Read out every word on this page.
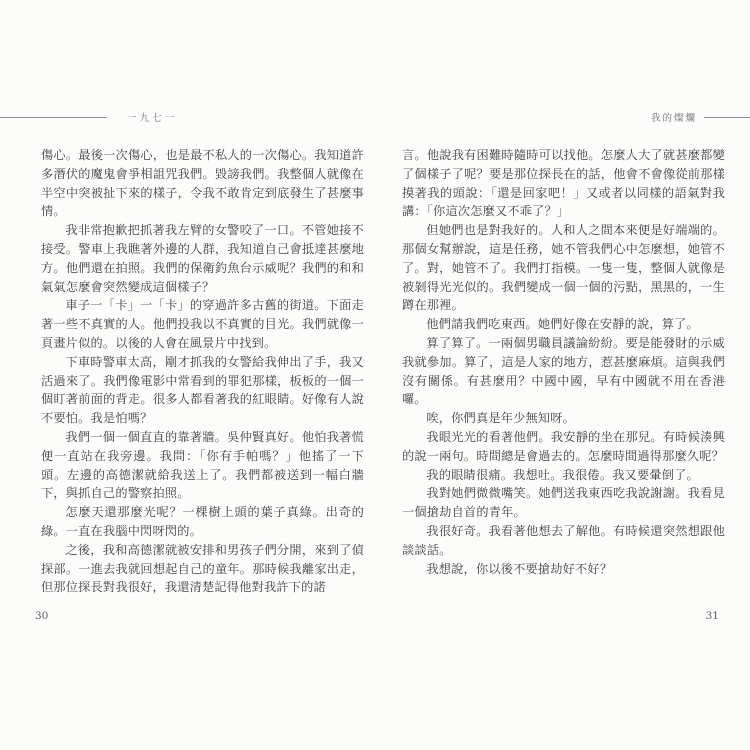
一九七一	我的燦爛

傷心。最後一次傷心，也是最不私人的一次傷心。我知道許多潛伏的魔鬼會爭相詛咒我們。毀謗我們。我整個人就像在半空中突被扯下來的樣子，令我不敢肯定到底發生了甚麼事情。

我非常抱歉把抓著我左臂的女警咬了一口。不管她接不接受。警車上我瞧著外邊的人群，我知道自己會抵達甚麼地方。他們還在拍照。我們的保衛釣魚台示威呢？我們的和和氣氣怎麼會突然變成這個樣子？

車子一「卡」一「卡」的穿過許多古舊的街道。下面走著一些不真實的人。他們投我以不真實的目光。我們就像一頁畫片似的。以後的人會在風景片中找到。

下車時警車太高，剛才抓我的女警給我伸出了手，我又活過來了。我們像電影中常看到的罪犯那樣，板板的一個一個盯著前面的背走。很多人都看著我的紅眼睛。好像有人說不要怕。我是怕嗎？

我們一個一個直直的靠著牆。吳仲賢真好。他怕我著慌便一直站在我旁邊。我問：「你有手帕嗎？」他搖了一下頭。左邊的高德潔就給我送上了。我們都被送到一幅白牆下，與抓自己的警察拍照。

怎麼天還那麼光呢？一棵樹上頭的葉子真綠。出奇的綠。一直在我腦中閃呀閃的。

之後，我和高德潔就被安排和男孩子們分開，來到了偵探部。一進去我就回想起自己的童年。那時候我離家出走，但那位探長對我很好，我還清楚記得他對我許下的諾

言。他說我有困難時隨時可以找他。怎麼人大了就甚麼都變了個樣子了呢？要是那位探長在的話，他會不會像從前那樣摸著我的頭說：「還是回家吧！」又或者以同樣的語氣對我講：「你這次怎麼又不乖了？」

但她們也是對我好的。人和人之間本來便是好端端的。那個女幫辦說，這是任務，她不管我們心中怎麼想，她管不了。對，她管不了。我們打指模。一隻一隻，整個人就像是被剝得光光似的。我們變成一個一個的污點，黑黑的，一生蹲在那裡。

他們請我們吃東西。她們好像在安靜的說，算了。

算了算了。一兩個男職員議論紛紛。要是能發財的示威我就參加。算了，這是人家的地方，惹甚麼麻煩。這與我們沒有關係。有甚麼用？中國中國，早有中國就不用在香港囉。

唉，你們真是年少無知呀。

我眼光光的看著他們。我安靜的坐在那兒。有時候湊興的說一兩句。時間總是會過去的。怎麼時間過得那麼久呢？

我的眼睛很痛。我想吐。我很倦。我又要暈倒了。

我對她們微微嘴笑。她們送我東西吃我說謝謝。我看見一個搶劫自首的青年。

我很好奇。我看著他想去了解他。有時候還突然想跟他談談話。

我想說，你以後不要搶劫好不好？

30	31
